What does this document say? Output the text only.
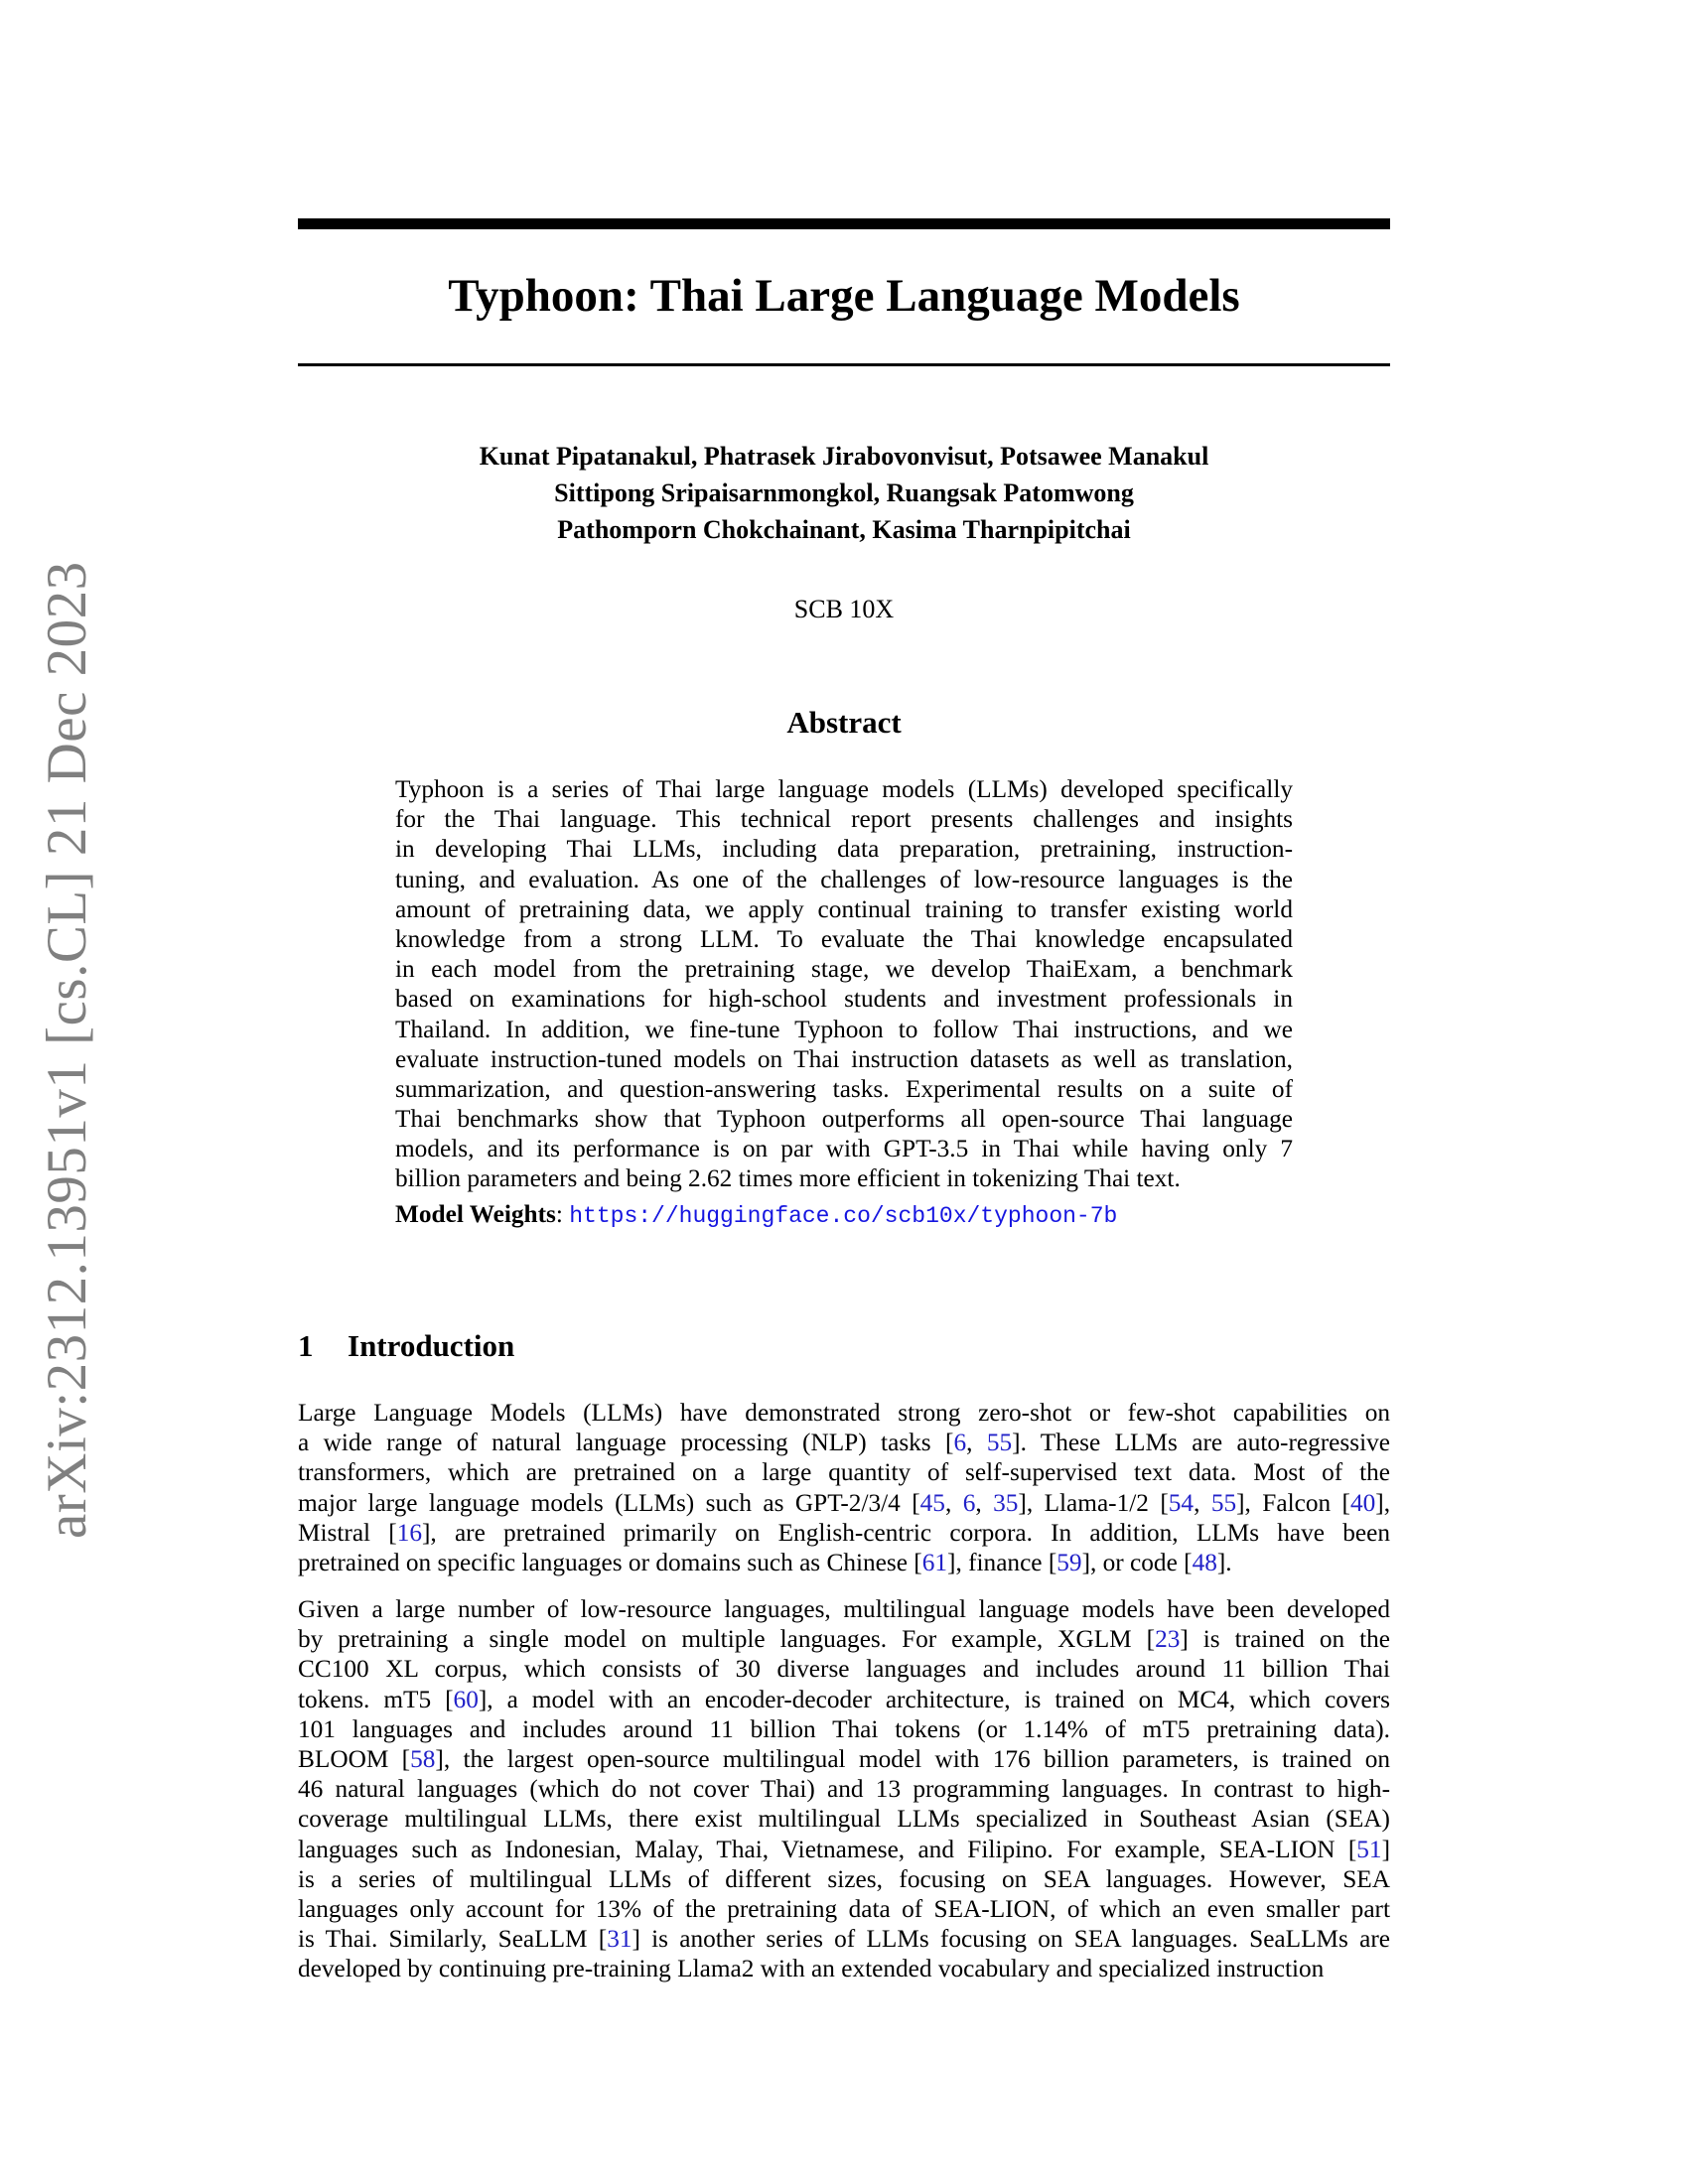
arXiv:2312.13951v1 [cs.CL] 21 Dec 2023
Typhoon: Thai Large Language Models
Kunat Pipatanakul, Phatrasek Jirabovonvisut, Potsawee Manakul
Sittipong Sripaisarnmongkol, Ruangsak Patomwong
Pathomporn Chokchainant, Kasima Tharnpipitchai
SCB 10X
Abstract
Typhoon is a series of Thai large language models (LLMs) developed specifically
for the Thai language. This technical report presents challenges and insights
in developing Thai LLMs, including data preparation, pretraining, instruction-
tuning, and evaluation. As one of the challenges of low-resource languages is the
amount of pretraining data, we apply continual training to transfer existing world
knowledge from a strong LLM. To evaluate the Thai knowledge encapsulated
in each model from the pretraining stage, we develop ThaiExam, a benchmark
based on examinations for high-school students and investment professionals in
Thailand. In addition, we fine-tune Typhoon to follow Thai instructions, and we
evaluate instruction-tuned models on Thai instruction datasets as well as translation,
summarization, and question-answering tasks. Experimental results on a suite of
Thai benchmarks show that Typhoon outperforms all open-source Thai language
models, and its performance is on par with GPT-3.5 in Thai while having only 7
billion parameters and being 2.62 times more efficient in tokenizing Thai text.
Model Weights: https://huggingface.co/scb10x/typhoon-7b
1 Introduction
Large Language Models (LLMs) have demonstrated strong zero-shot or few-shot capabilities on
a wide range of natural language processing (NLP) tasks [6, 55]. These LLMs are auto-regressive
transformers, which are pretrained on a large quantity of self-supervised text data. Most of the
major large language models (LLMs) such as GPT-2/3/4 [45, 6, 35], Llama-1/2 [54, 55], Falcon [40],
Mistral [16], are pretrained primarily on English-centric corpora. In addition, LLMs have been
pretrained on specific languages or domains such as Chinese [61], finance [59], or code [48].
Given a large number of low-resource languages, multilingual language models have been developed
by pretraining a single model on multiple languages. For example, XGLM [23] is trained on the
CC100 XL corpus, which consists of 30 diverse languages and includes around 11 billion Thai
tokens. mT5 [60], a model with an encoder-decoder architecture, is trained on MC4, which covers
101 languages and includes around 11 billion Thai tokens (or 1.14% of mT5 pretraining data).
BLOOM [58], the largest open-source multilingual model with 176 billion parameters, is trained on
46 natural languages (which do not cover Thai) and 13 programming languages. In contrast to high-
coverage multilingual LLMs, there exist multilingual LLMs specialized in Southeast Asian (SEA)
languages such as Indonesian, Malay, Thai, Vietnamese, and Filipino. For example, SEA-LION [51]
is a series of multilingual LLMs of different sizes, focusing on SEA languages. However, SEA
languages only account for 13% of the pretraining data of SEA-LION, of which an even smaller part
is Thai. Similarly, SeaLLM [31] is another series of LLMs focusing on SEA languages. SeaLLMs are
developed by continuing pre-training Llama2 with an extended vocabulary and specialized instruction
